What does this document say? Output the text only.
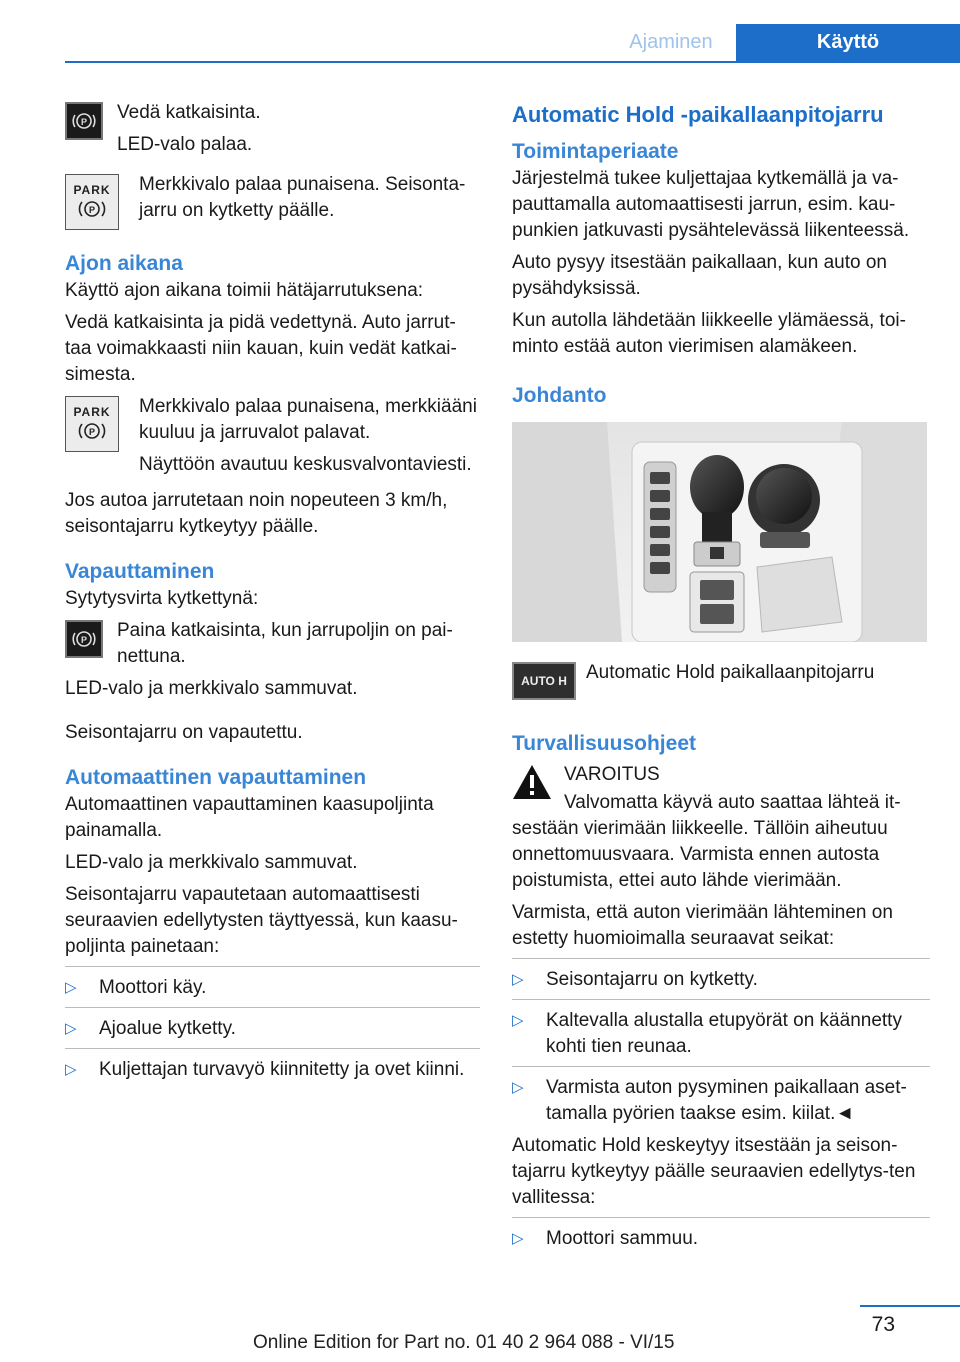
Ajaminen	Käyttö
P Vedä katkaisinta.

LED-valo palaa.

PARK
P

Merkkivalo palaa punaisena. Seisonta-jarru on kytketty päälle.

Ajon aikana

Käyttö ajon aikana toimii hätäjarrutuksena:

Vedä katkaisinta ja pidä vedettynä. Auto jarrut-taa voimakkaasti niin kauan, kuin vedät katkai-simesta.

PARK
P

Merkkivalo palaa punaisena, merkkiääni kuuluu ja jarruvalot palavat.

Näyttöön avautuu keskusvalvontaviesti.

Jos autoa jarrutetaan noin nopeuteen 3 km/h, seisontajarru kytkeytyy päälle.

Vapauttaminen

Sytytysvirta kytkettynä:

P Paina katkaisinta, kun jarrupoljin on pai-nettuna.

LED-valo ja merkkivalo sammuvat.

Seisontajarru on vapautettu.

Automaattinen vapauttaminen

Automaattinen vapauttaminen kaasupoljinta painamalla.

LED-valo ja merkkivalo sammuvat.

Seisontajarru vapautetaan automaattisesti seuraavien edellytysten täyttyessä, kun kaasu-poljinta painetaan:

▷ Moottori käy.
▷ Ajoalue kytketty.
▷ Kuljettajan turvavyö kiinnitetty ja ovet kiinni.
Automatic Hold -paikallaanpitojarru
Toimintaperiaate

Järjestelmä tukee kuljettajaa kytkemällä ja va-pauttamalla automaattisesti jarrun, esim. kau-punkien jatkuvasti pysähtelevässä liikenteessä.

Auto pysyy itsestään paikallaan, kun auto on pysähdyksissä.

Kun autolla lähdetään liikkeelle ylämäessä, toi-minto estää auton vierimisen alamäkeen.

Johdanto
AUTO H	Automatic Hold paikallaanpitojarru

Turvallisuusohjeet

VAROITUS

Valvomatta käyvä auto saattaa lähteä it-sestään vierimään liikkeelle. Tällöin aiheutuu onnettomuusvaara. Varmista ennen autosta poistumista, ettei auto lähde vierimään.

Varmista, että auton vierimään lähteminen on estetty huomioimalla seuraavat seikat:

▷ Seisontajarru on kytketty.
▷ Kaltevalla alustalla etupyörät on käännetty kohti tien reunaa.
▷ Varmista auton pysyminen paikallaan aset-tamalla pyörien taakse esim. kiilat.◄

Automatic Hold keskeytyy itsestään ja seison-tajarru kytkeytyy päälle seuraavien edellytys-ten vallitessa:

▷ Moottori sammuu.
73
Online Edition for Part no. 01 40 2 964 088 - VI/15
